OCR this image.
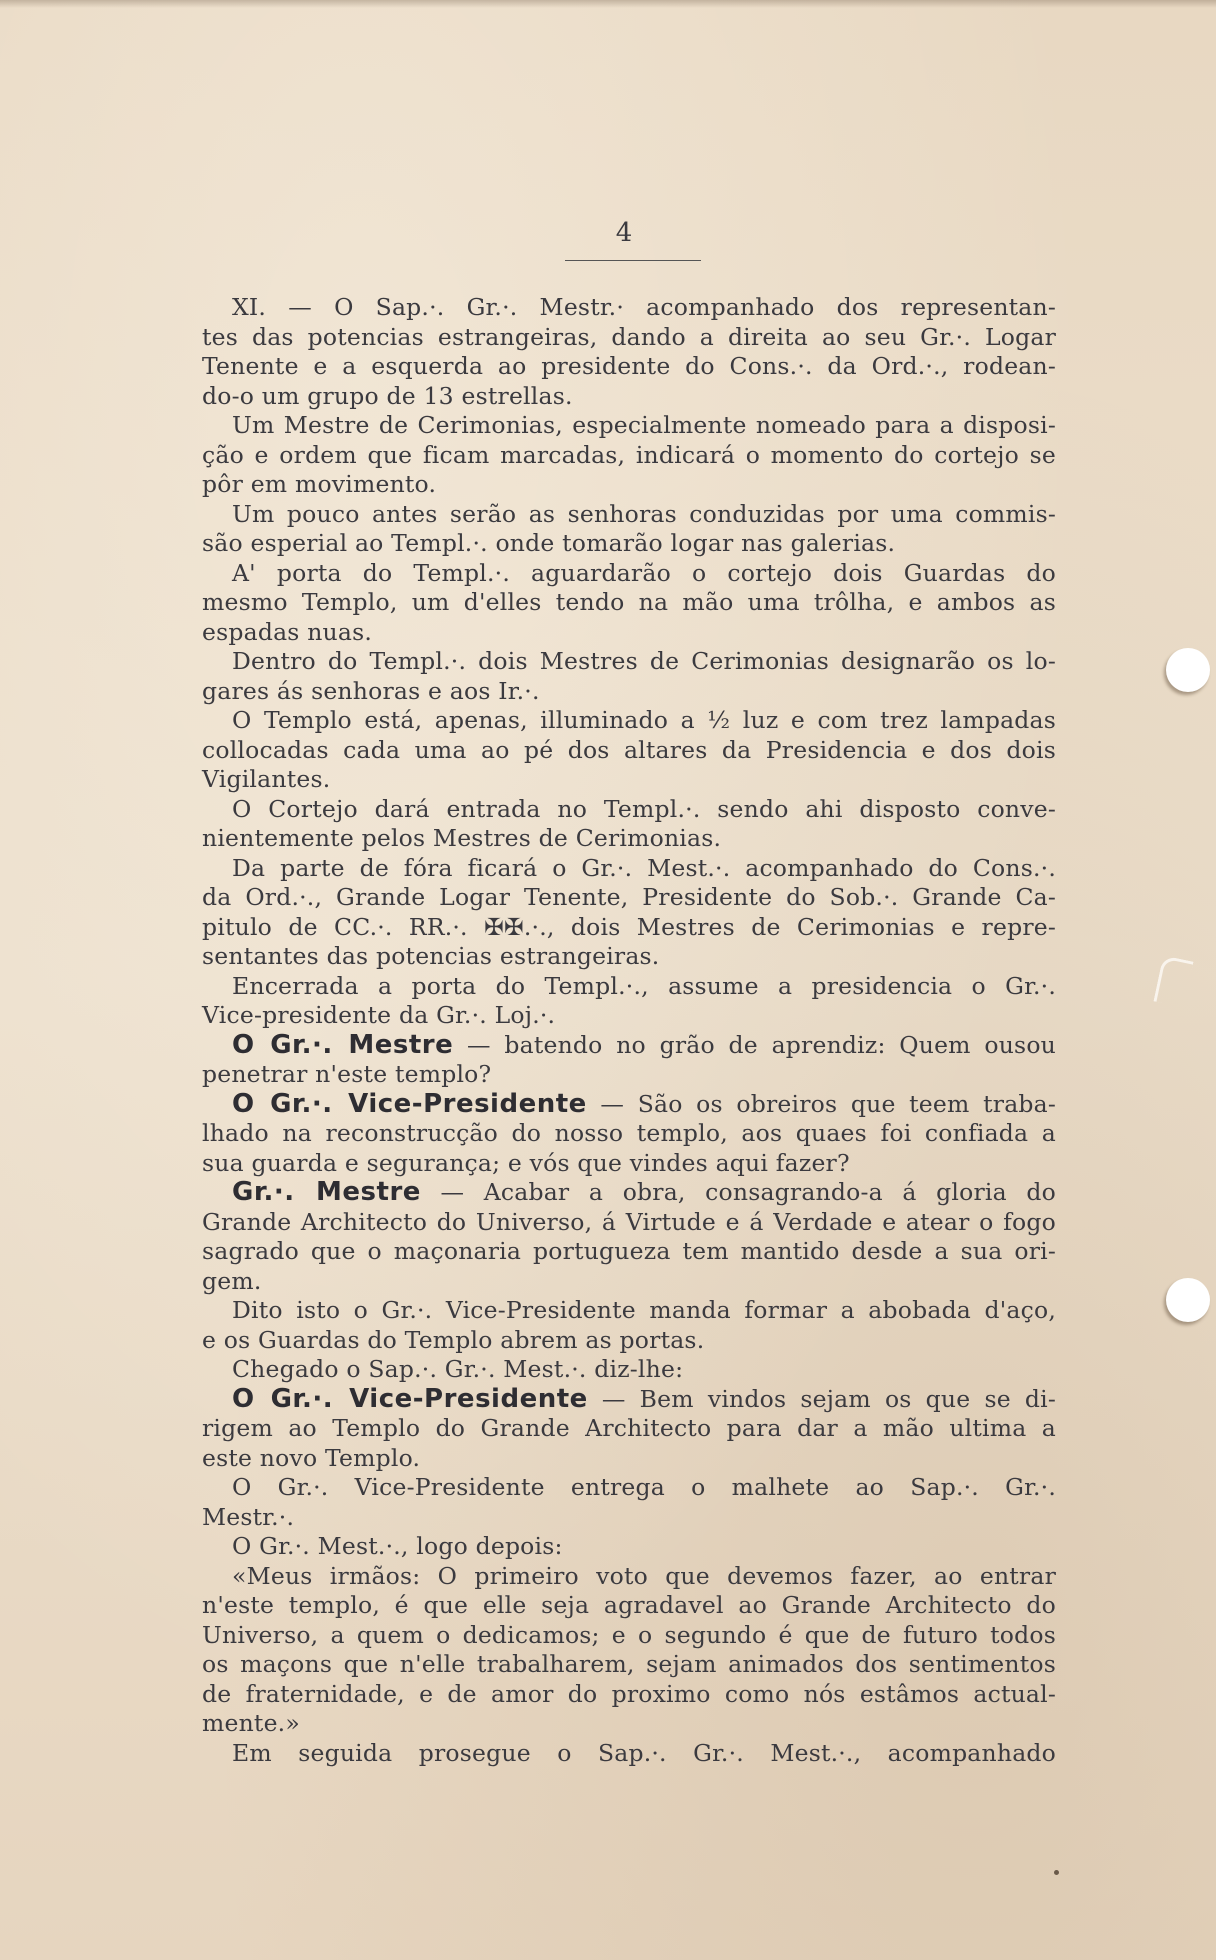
4
XI. — O Sap.·. Gr.·. Mestr.· acompanhado dos representan-
tes das potencias estrangeiras, dando a direita ao seu Gr.·. Logar
Tenente e a esquerda ao presidente do Cons.·. da Ord.·., rodean-
do-o um grupo de 13 estrellas.
Um Mestre de Cerimonias, especialmente nomeado para a disposi-
ção e ordem que ficam marcadas, indicará o momento do cortejo se
pôr em movimento.
Um pouco antes serão as senhoras conduzidas por uma commis-
são esperial ao Templ.·. onde tomarão logar nas galerias.
A' porta do Templ.·. aguardarão o cortejo dois Guardas do
mesmo Templo, um d'elles tendo na mão uma trôlha, e ambos as
espadas nuas.
Dentro do Templ.·. dois Mestres de Cerimonias designarão os lo-
gares ás senhoras e aos Ir.·.
O Templo está, apenas, illuminado a ½ luz e com trez lampadas
collocadas cada uma ao pé dos altares da Presidencia e dos dois
Vigilantes.
O Cortejo dará entrada no Templ.·. sendo ahi disposto conve-
nientemente pelos Mestres de Cerimonias.
Da parte de fóra ficará o Gr.·. Mest.·. acompanhado do Cons.·.
da Ord.·., Grande Logar Tenente, Presidente do Sob.·. Grande Ca-
pitulo de CC.·. RR.·. ✠✠.·., dois Mestres de Cerimonias e repre-
sentantes das potencias estrangeiras.
Encerrada a porta do Templ.·., assume a presidencia o Gr.·.
Vice-presidente da Gr.·. Loj.·.
O Gr.·. Mestre — batendo no grão de aprendiz: Quem ousou
penetrar n'este templo?
O Gr.·. Vice-Presidente — São os obreiros que teem traba-
lhado na reconstrucção do nosso templo, aos quaes foi confiada a
sua guarda e segurança; e vós que vindes aqui fazer?
Gr.·. Mestre — Acabar a obra, consagrando-a á gloria do
Grande Architecto do Universo, á Virtude e á Verdade e atear o fogo
sagrado que o maçonaria portugueza tem mantido desde a sua ori-
gem.
Dito isto o Gr.·. Vice-Presidente manda formar a abobada d'aço,
e os Guardas do Templo abrem as portas.
Chegado o Sap.·. Gr.·. Mest.·. diz-lhe:
O Gr.·. Vice-Presidente — Bem vindos sejam os que se di-
rigem ao Templo do Grande Architecto para dar a mão ultima a
este novo Templo.
O Gr.·. Vice-Presidente entrega o malhete ao Sap.·. Gr.·.
Mestr.·.
O Gr.·. Mest.·., logo depois:
«Meus irmãos: O primeiro voto que devemos fazer, ao entrar
n'este templo, é que elle seja agradavel ao Grande Architecto do
Universo, a quem o dedicamos; e o segundo é que de futuro todos
os maçons que n'elle trabalharem, sejam animados dos sentimentos
de fraternidade, e de amor do proximo como nós estâmos actual-
mente.»
Em seguida prosegue o Sap.·. Gr.·. Mest.·., acompanhado
